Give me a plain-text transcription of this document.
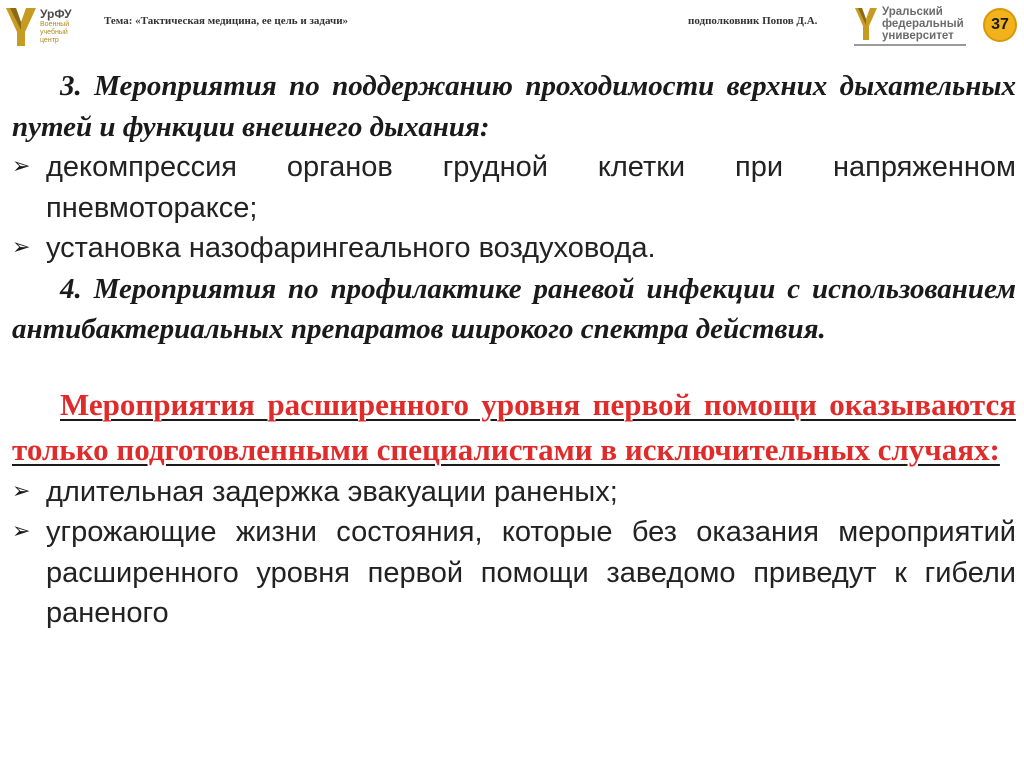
УрФУ
Военный
учебный
центр
Тема: «Тактическая медицина, ее цель и задачи»	подполковник Попов Д.А.
Уральский
федеральный
университет
37

3. Мероприятия по поддержанию проходимости верхних дыхательных путей и функции внешнего дыхания:

➢ декомпрессия органов грудной клетки при напряженном пневмотораксе;
➢ установка назофарингеального воздуховода.

4. Мероприятия по профилактике раневой инфекции с использованием антибактериальных препаратов широкого спектра действия.

Мероприятия расширенного уровня первой помощи оказываются только подготовленными специалистами в исключительных случаях:

➢ длительная задержка эвакуации раненых;
➢ угрожающие жизни состояния, которые без оказания мероприятий расширенного уровня первой помощи заведомо приведут к гибели раненого
